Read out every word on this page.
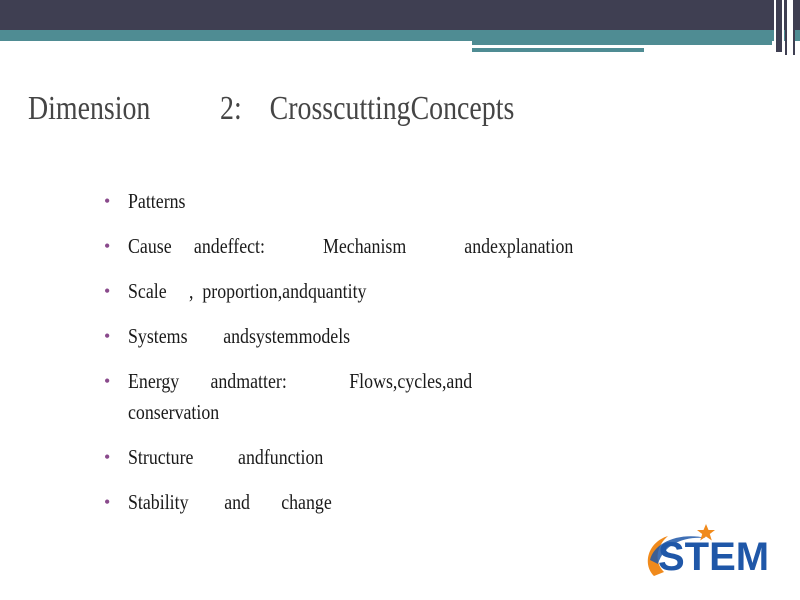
Dimension          2:    CrosscuttingConcepts
• Patterns
• Cause     andeffect:             Mechanism             andexplanation
• Scale     ,  proportion,andquantity
• Systems        andsystemmodels
• Energy       andmatter:              Flows,cycles,and
conservation
• Structure          andfunction
• Stability        and       change
STEM
